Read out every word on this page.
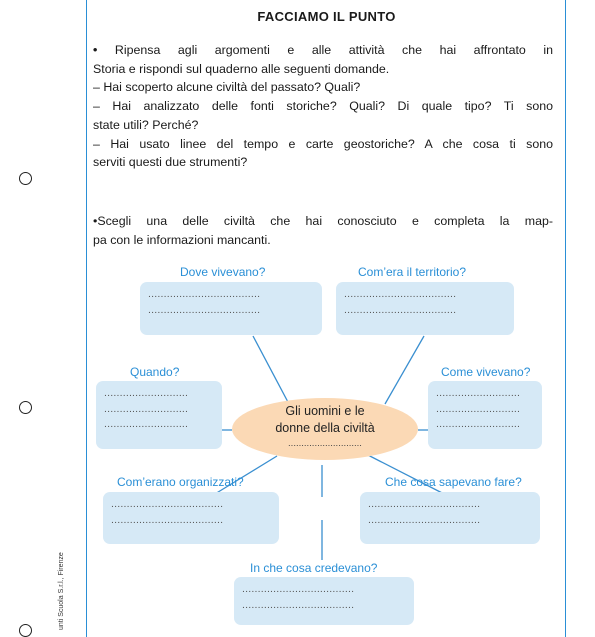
unti Scuola S.r.l., Firenze
FACCIAMO IL PUNTO
• Ripensa agli argomenti e alle attività che hai affrontato in
Storia e rispondi sul quaderno alle seguenti domande.
– Hai scoperto alcune civiltà del passato? Quali?
– Hai analizzato delle fonti storiche? Quali? Di quale tipo? Ti sono
state utili? Perché?
– Hai usato linee del tempo e carte geostoriche? A che cosa ti sono
serviti questi due strumenti?
•Scegli una delle civiltà che hai conosciuto e completa la map-
pa con le informazioni mancanti.
Dove vivevano?
....................................
....................................
Com’era il territorio?
....................................
....................................
Quando?
...........................
...........................
...........................
Come vivevano?
...........................
...........................
...........................
Gli uomini e le
donne della civiltà
............................
Com’erano organizzati?
....................................
....................................
Che cosa sapevano fare?
....................................
....................................
In che cosa credevano?
....................................
....................................
